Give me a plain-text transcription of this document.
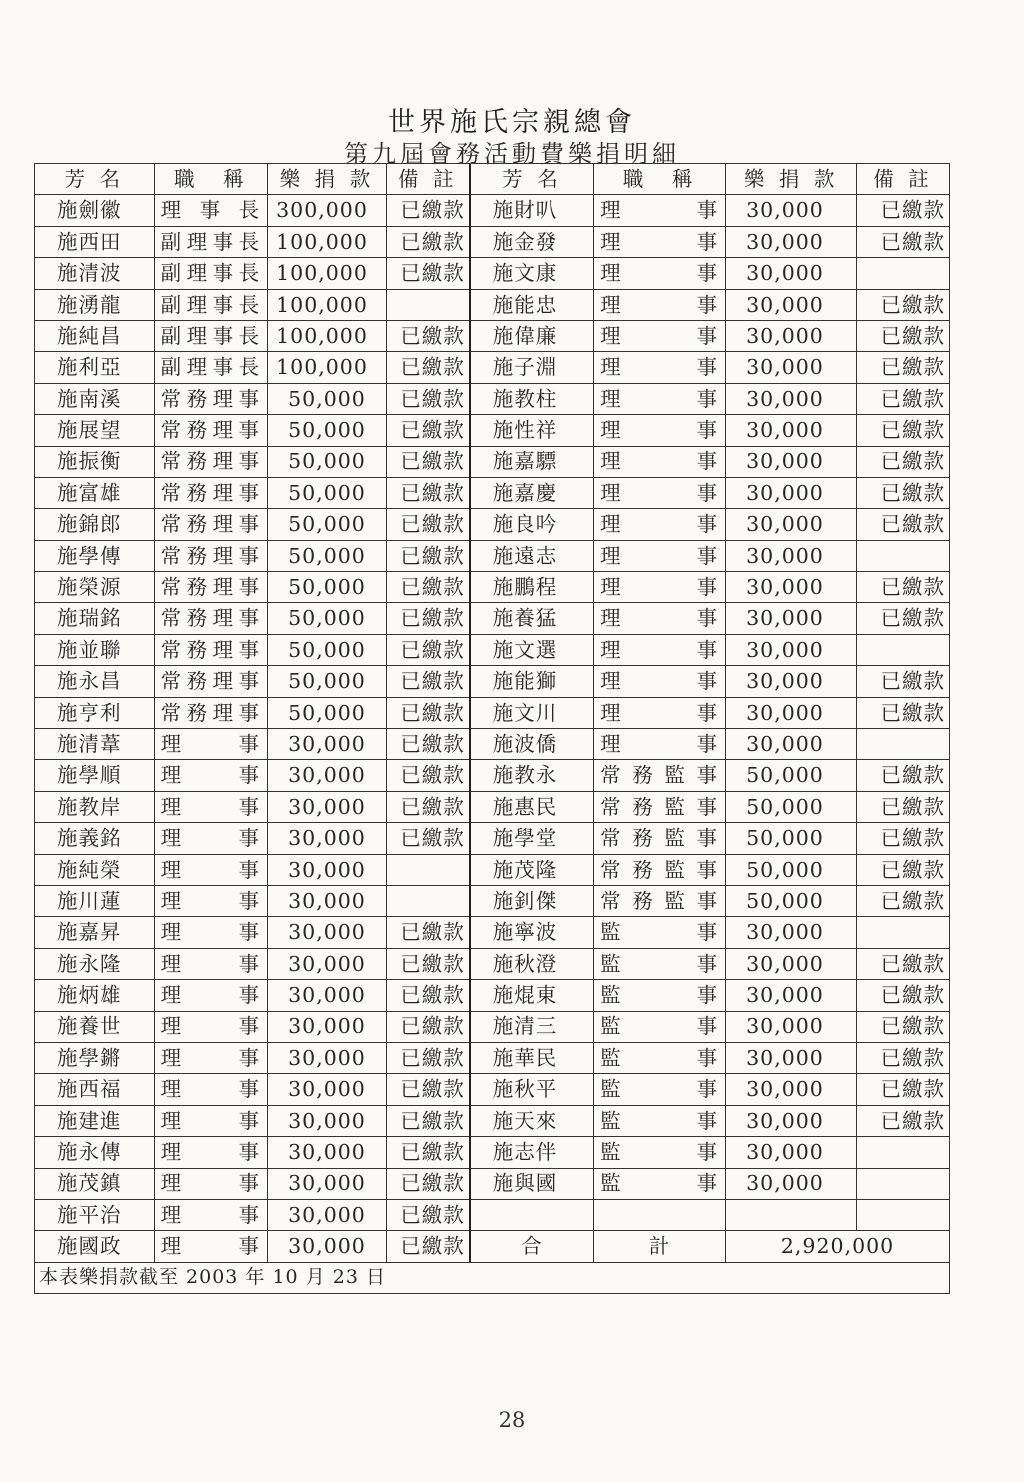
世界施氏宗親總會
第九屆會務活動費樂捐明細
芳 名	職　稱	樂 捐 款	備 註	芳 名	職　稱	樂 捐 款	備 註
施劍徽	理 事 長	300,000	已繳款	施財叭	理　事	30,000	已繳款
施西田	副理事長	100,000	已繳款	施金發	理　事	30,000	已繳款
施清波	副理事長	100,000	已繳款	施文康	理　事	30,000	
施湧龍	副理事長	100,000		施能忠	理　事	30,000	已繳款
施純昌	副理事長	100,000	已繳款	施偉廉	理　事	30,000	已繳款
施利亞	副理事長	100,000	已繳款	施子淵	理　事	30,000	已繳款
施南溪	常務理事	50,000	已繳款	施教柱	理　事	30,000	已繳款
施展望	常務理事	50,000	已繳款	施性祥	理　事	30,000	已繳款
施振衡	常務理事	50,000	已繳款	施嘉驃	理　事	30,000	已繳款
施富雄	常務理事	50,000	已繳款	施嘉慶	理　事	30,000	已繳款
施錦郎	常務理事	50,000	已繳款	施良吟	理　事	30,000	已繳款
施學傳	常務理事	50,000	已繳款	施遠志	理　事	30,000	
施榮源	常務理事	50,000	已繳款	施鵬程	理　事	30,000	已繳款
施瑞銘	常務理事	50,000	已繳款	施養猛	理　事	30,000	已繳款
施並聯	常務理事	50,000	已繳款	施文選	理　事	30,000	
施永昌	常務理事	50,000	已繳款	施能獅	理　事	30,000	已繳款
施亨利	常務理事	50,000	已繳款	施文川	理　事	30,000	已繳款
施清葦	理　事	30,000	已繳款	施波僑	理　事	30,000	
施學順	理　事	30,000	已繳款	施教永	常務監事	50,000	已繳款
施教岸	理　事	30,000	已繳款	施惠民	常務監事	50,000	已繳款
施義銘	理　事	30,000	已繳款	施學堂	常務監事	50,000	已繳款
施純榮	理　事	30,000		施茂隆	常務監事	50,000	已繳款
施川蓮	理　事	30,000		施釗傑	常務監事	50,000	已繳款
施嘉昇	理　事	30,000	已繳款	施寧波	監　事	30,000	
施永隆	理　事	30,000	已繳款	施秋澄	監　事	30,000	已繳款
施炳雄	理　事	30,000	已繳款	施焜東	監　事	30,000	已繳款
施養世	理　事	30,000	已繳款	施清三	監　事	30,000	已繳款
施學鏘	理　事	30,000	已繳款	施華民	監　事	30,000	已繳款
施西福	理　事	30,000	已繳款	施秋平	監　事	30,000	已繳款
施建進	理　事	30,000	已繳款	施天來	監　事	30,000	已繳款
施永傳	理　事	30,000	已繳款	施志伴	監　事	30,000	
施茂鎮	理　事	30,000	已繳款	施與國	監　事	30,000	
施平治	理　事	30,000	已繳款				
施國政	理　事	30,000	已繳款	合	計	2,920,000	
本表樂捐款截至 2003 年 10 月 23 日							
28
